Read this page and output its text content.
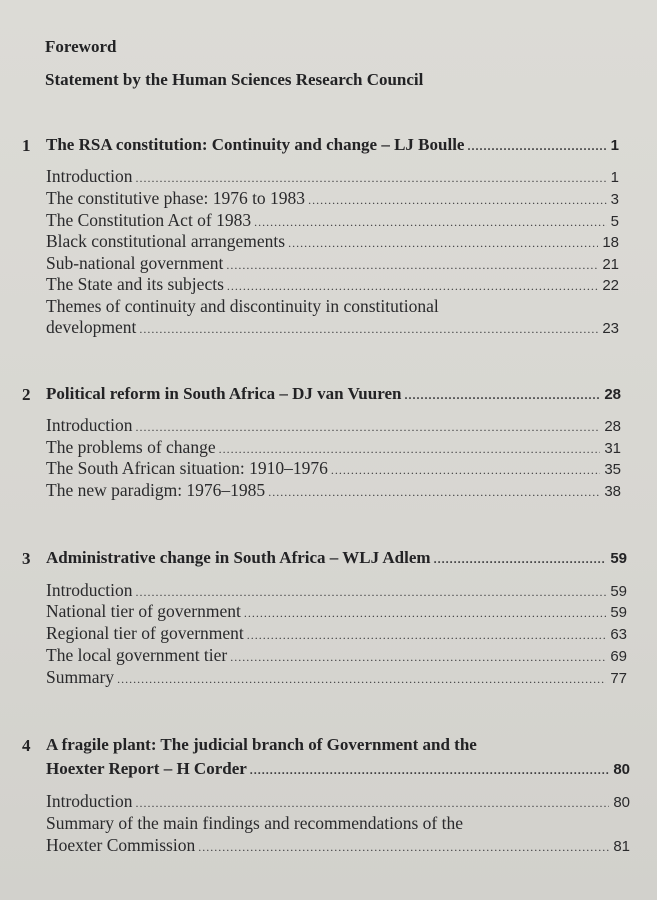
Foreword
Statement by the Human Sciences Research Council
1 The RSA constitution: Continuity and change – LJ Boulle .....	1
Introduction .....	1
The constitutive phase: 1976 to 1983 .....	3
The Constitution Act of 1983 .....	5
Black constitutional arrangements .....	18
Sub-national government .....	21
The State and its subjects .....	22
Themes of continuity and discontinuity in constitutional
development .....	23
2 Political reform in South Africa – DJ van Vuuren .....	28
Introduction .....	28
The problems of change .....	31
The South African situation: 1910–1976 .....	35
The new paradigm: 1976–1985 .....	38
3 Administrative change in South Africa – WLJ Adlem .....	59
Introduction .....	59
National tier of government .....	59
Regional tier of government .....	63
The local government tier .....	69
Summary .....	77
4 A fragile plant: The judicial branch of Government and the
Hoexter Report – H Corder .....	80
Introduction .....	80
Summary of the main findings and recommendations of the
Hoexter Commission .....	81
